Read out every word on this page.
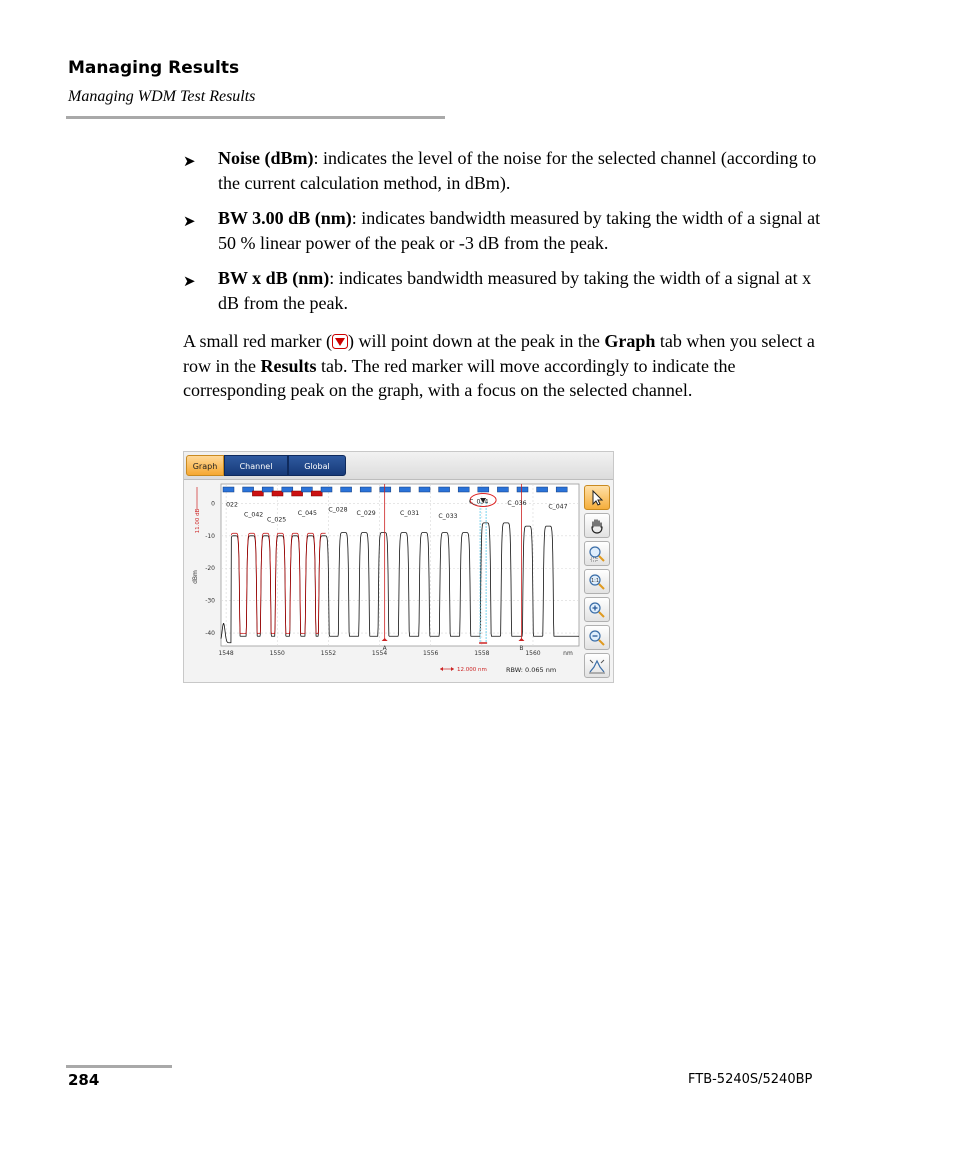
Managing Results
Managing WDM Test Results
➤ Noise (dBm): indicates the level of the noise for the selected channel (according to the current calculation method, in dBm).
➤ BW 3.00 dB (nm): indicates bandwidth measured by taking the width of a signal at 50 % linear power of the peak or -3 dB from the peak.
➤ BW x dB (nm): indicates bandwidth measured by taking the width of a signal at x dB from the peak.
A small red marker ( ) will point down at the peak in the Graph tab when you select a row in the Results tab. The red marker will move accordingly to indicate the corresponding peak on the graph, with a focus on the selected channel.
Graph	Channel	Global
0
-10
-20
-30
-40
1548	1550	1552	1554	1556	1558	1560
A	B
022
C_042
C_025
C_045 C_028 C_029	C_031	C_033
C_034	C_036	C_047
dBm
nm
11.00 dB
12.000 nm	RBW: 0.065 nm
1:1
284	FTB-5240S/5240BP
